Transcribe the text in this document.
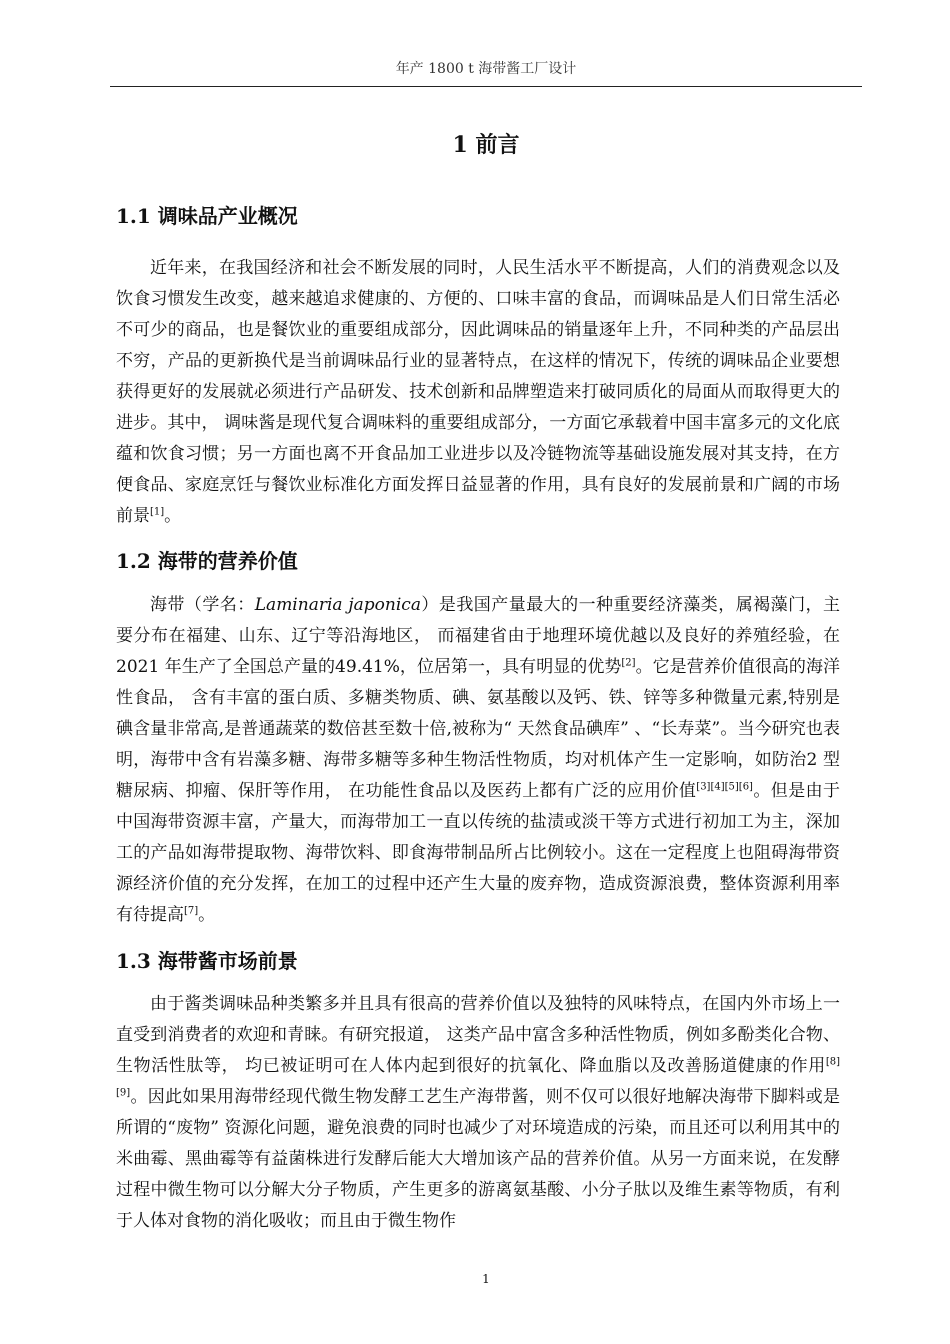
年产 1800 t 海带酱工厂设计
1 前言
1.1 调味品产业概况
近年来，在我国经济和社会不断发展的同时，人民生活水平不断提高，人们的消费观念以及饮食习惯发生改变，越来越追求健康的、方便的、口味丰富的食品，而调味品是人们日常生活必不可少的商品，也是餐饮业的重要组成部分，因此调味品的销量逐年上升，不同种类的产品层出不穷，产品的更新换代是当前调味品行业的显著特点，在这样的情况下，传统的调味品企业要想获得更好的发展就必须进行产品研发、技术创新和品牌塑造来打破同质化的局面从而取得更大的进步。其中， 调味酱是现代复合调味料的重要组成部分，一方面它承载着中国丰富多元的文化底蕴和饮食习惯；另一方面也离不开食品加工业进步以及冷链物流等基础设施发展对其支持，在方便食品、家庭烹饪与餐饮业标准化方面发挥日益显著的作用，具有良好的发展前景和广阔的市场前景[1]。
1.2 海带的营养价值
海带（学名：Laminaria japonica）是我国产量最大的一种重要经济藻类，属褐藻门，主要分布在福建、山东、辽宁等沿海地区， 而福建省由于地理环境优越以及良好的养殖经验，在2021 年生产了全国总产量的49.41%，位居第一，具有明显的优势[2]。它是营养价值很高的海洋性食品， 含有丰富的蛋白质、多糖类物质、碘、氨基酸以及钙、铁、锌等多种微量元素,特别是碘含量非常高,是普通蔬菜的数倍甚至数十倍,被称为“ 天然食品碘库” 、“长寿菜”。当今研究也表明，海带中含有岩藻多糖、海带多糖等多种生物活性物质，均对机体产生一定影响，如防治2 型糖尿病、抑瘤、保肝等作用， 在功能性食品以及医药上都有广泛的应用价值[3][4][5][6]。但是由于中国海带资源丰富，产量大，而海带加工一直以传统的盐渍或淡干等方式进行初加工为主，深加工的产品如海带提取物、海带饮料、即食海带制品所占比例较小。这在一定程度上也阻碍海带资源经济价值的充分发挥，在加工的过程中还产生大量的废弃物，造成资源浪费，整体资源利用率有待提高[7]。
1.3 海带酱市场前景
由于酱类调味品种类繁多并且具有很高的营养价值以及独特的风味特点，在国内外市场上一直受到消费者的欢迎和青睐。有研究报道， 这类产品中富含多种活性物质，例如多酚类化合物、生物活性肽等， 均已被证明可在人体内起到很好的抗氧化、降血脂以及改善肠道健康的作用[8][9]。因此如果用海带经现代微生物发酵工艺生产海带酱，则不仅可以很好地解决海带下脚料或是所谓的“废物” 资源化问题，避免浪费的同时也减少了对环境造成的污染，而且还可以利用其中的米曲霉、黑曲霉等有益菌株进行发酵后能大大增加该产品的营养价值。从另一方面来说，在发酵过程中微生物可以分解大分子物质，产生更多的游离氨基酸、小分子肽以及维生素等物质，有利于人体对食物的消化吸收；而且由于微生物作
1
